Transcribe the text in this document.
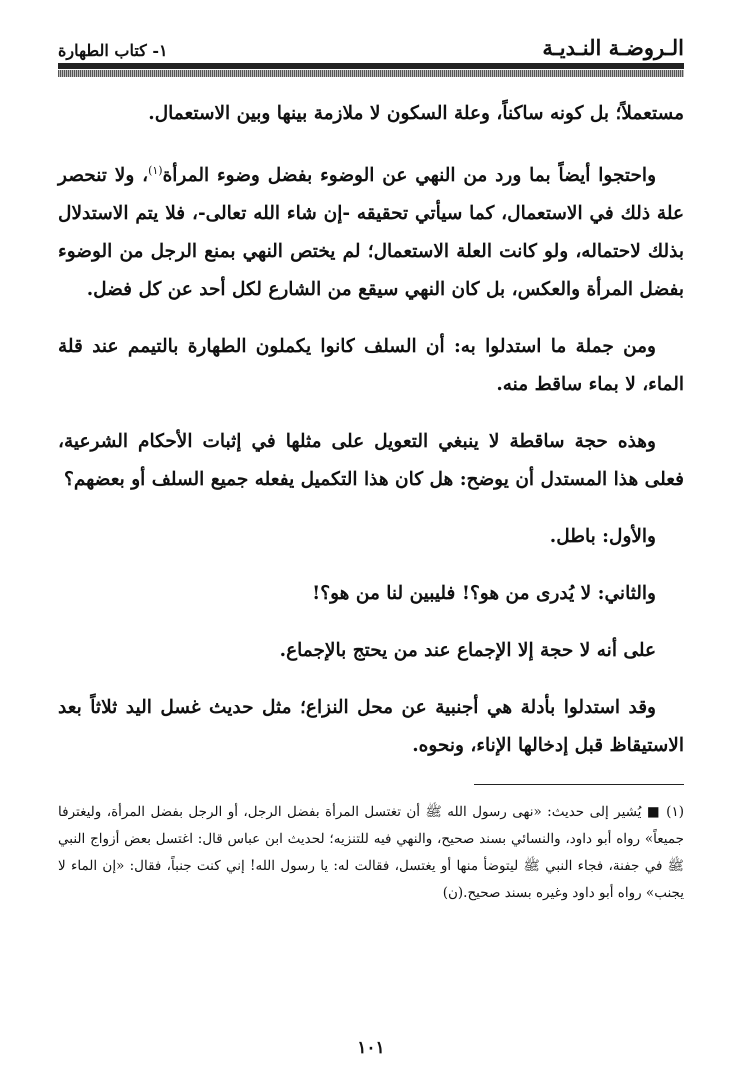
الـروضـة النـديـة
١- كتاب الطهارة

مستعملاً؛ بل كونه ساكناً، وعلة السكون لا ملازمة بينها وبين الاستعمال.

واحتجوا أيضاً بما ورد من النهي عن الوضوء بفضل وضوء المرأة$^{(١)}$، ولا تنحصر علة ذلك في الاستعمال، كما سيأتي تحقيقه -إن شاء الله تعالى-، فلا يتم الاستدلال بذلك لاحتماله، ولو كانت العلة الاستعمال؛ لم يختص النهي بمنع الرجل من الوضوء بفضل المرأة والعكس، بل كان النهي سيقع من الشارع لكل أحد عن كل فضل.

ومن جملة ما استدلوا به: أن السلف كانوا يكملون الطهارة بالتيمم عند قلة الماء، لا بماء ساقط منه.

وهذه حجة ساقطة لا ينبغي التعويل على مثلها في إثبات الأحكام الشرعية، فعلى هذا المستدل أن يوضح: هل كان هذا التكميل يفعله جميع السلف أو بعضهم؟

والأول: باطل.

والثاني: لا يُدرى من هو؟! فليبين لنا من هو؟!

على أنه لا حجة إلا الإجماع عند من يحتج بالإجماع.

وقد استدلوا بأدلة هي أجنبية عن محل النزاع؛ مثل حديث غسل اليد ثلاثاً بعد الاستيقاظ قبل إدخالها الإناء، ونحوه.

(١) ■ يُشير إلى حديث: «نهى رسول الله ﷺ أن تغتسل المرأة بفضل الرجل، أو الرجل بفضل المرأة، وليغترفا جميعاً» رواه أبو داود، والنسائي بسند صحيح، والنهي فيه للتنزيه؛ لحديث ابن عباس قال: اغتسل بعض أزواج النبي ﷺ في جفنة، فجاء النبي ﷺ ليتوضأ منها أو يغتسل، فقالت له: يا رسول الله! إني كنت جنباً، فقال: «إن الماء لا يجنب» رواه أبو داود وغيره بسند صحيح.(ن)
١٠١
